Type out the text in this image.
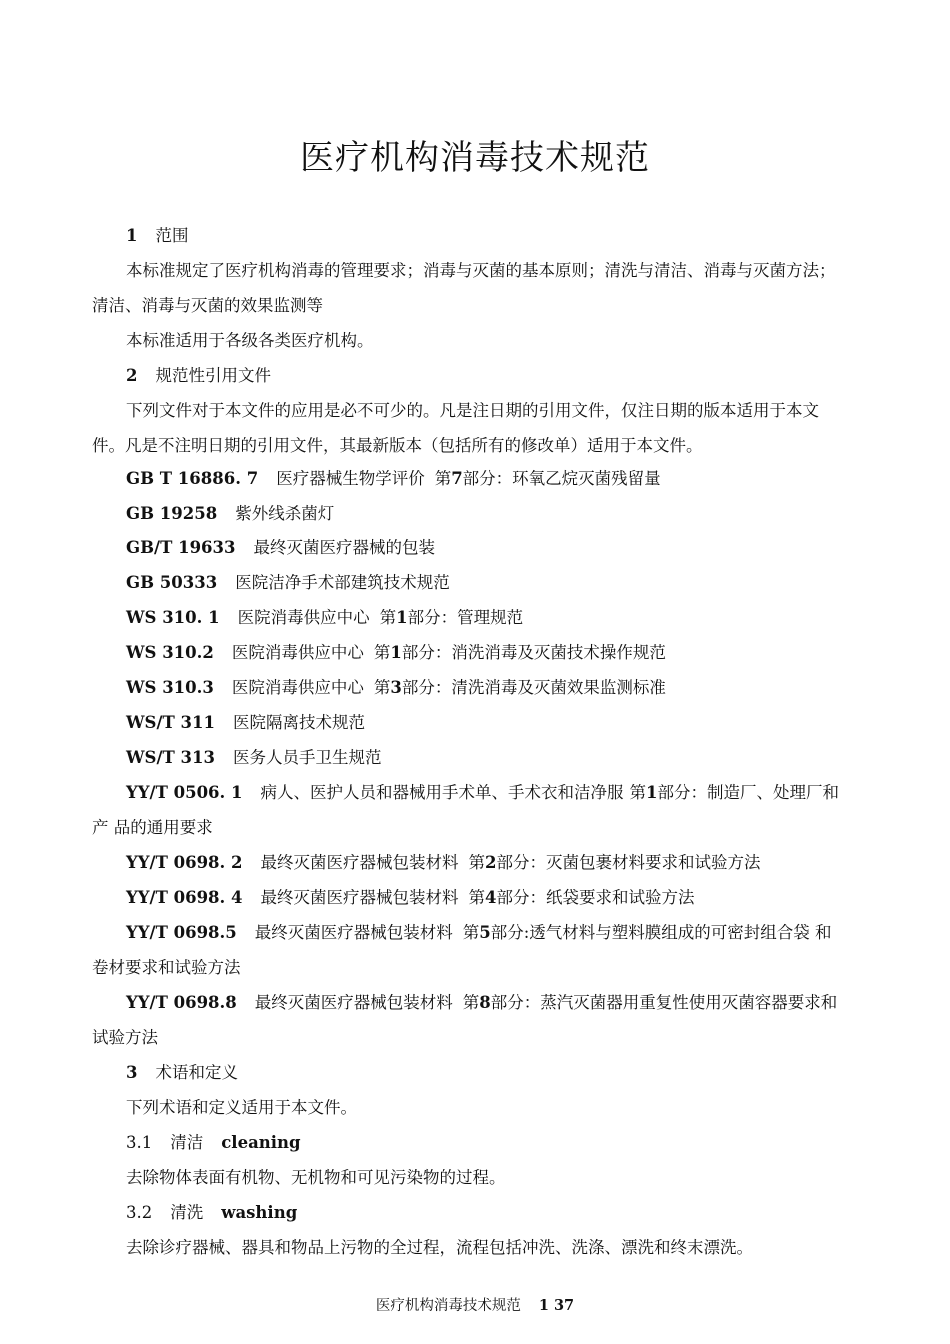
医疗机构消毒技术规范
1 范围
本标准规定了医疗机构消毒的管理要求；消毒与灭菌的基本原则；清洗与清洁、消毒与灭菌方法；
清洁、消毒与灭菌的效果监测等
本标准适用于各级各类医疗机构。
2 规范性引用文件
下列文件对于本文件的应用是必不可少的。凡是注日期的引用文件，仅注日期的版本适用于本文
件。凡是不注明日期的引用文件，其最新版本（包括所有的修改单）适用于本文件。
GB T 16886. 7 医疗器械生物学评价 第7部分：环氧乙烷灭菌残留量
GB 19258 紫外线杀菌灯
GB/T 19633 最终灭菌医疗器械的包装
GB 50333 医院洁净手术部建筑技术规范
WS 310. 1 医院消毒供应中心 第1部分：管理规范
WS 310.2 医院消毒供应中心 第1部分：消洗消毒及灭菌技术操作规范
WS 310.3 医院消毒供应中心 第3部分：清洗消毒及灭菌效果监测标准
WS/T 311 医院隔离技术规范
WS/T 313 医务人员手卫生规范
YY/T 0506. 1 病人、医护人员和器械用手术单、手术衣和洁净服 第1部分：制造厂、处理厂和
产 品的通用要求
YY/T 0698. 2 最终灭菌医疗器械包装材料 第2部分：灭菌包裹材料要求和试验方法
YY/T 0698. 4 最终灭菌医疗器械包装材料 第4部分：纸袋要求和试验方法
YY/T 0698.5 最终灭菌医疗器械包装材料 第5部分:透气材料与塑料膜组成的可密封组合袋 和
卷材要求和试验方法
YY/T 0698.8 最终灭菌医疗器械包装材料 第8部分：蒸汽灭菌器用重复性使用灭菌容器要求和
试验方法
3 术语和定义
下列术语和定义适用于本文件。
3.1 清洁 cleaning
去除物体表面有机物、无机物和可见污染物的过程。
3.2 清洗 washing
去除诊疗器械、器具和物品上污物的全过程，流程包括冲洗、洗涤、漂洗和终末漂洗。
医疗机构消毒技术规范 1 37
